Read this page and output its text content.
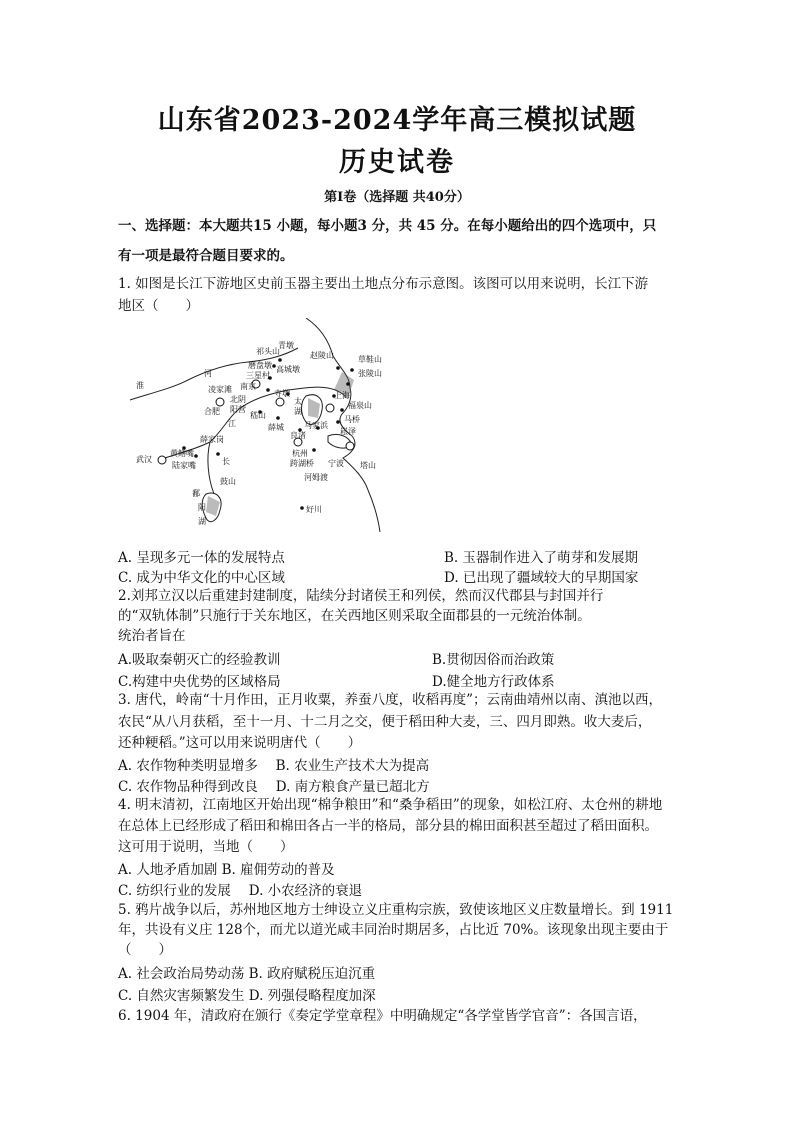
山东省2023-2024学年高三模拟试题
历史试卷
第Ⅰ卷（选择题 共40分）
一、选择题：本大题共15 小题，每小题3 分，共 45 分。在每小题给出的四个选项中，只
有一项是最符合题目要求的。
1. 如图是长江下游地区史前玉器主要出土地点分布示意图。该图可以用来说明，长江下游
地区（　　）
淮
河
江
祁头山
青墩
赵陵山	草鞋山
张陵山
磨盘墩 高城墩
三星村
南京
寺墩	上海
凌家滩
北阴
阳营
嵇山
福泉山
马桥
合肥
太
湖
薛城	马家浜
良渚	崧泽
杭州
跨湖桥 宁波 塔山
河姆渡
武汉
薛家岗
黄鳝嘴
陆家嘴	长
鼓山
鄱
阳
湖
好川
A. 呈现多元一体的发展特点	B. 玉器制作进入了萌芽和发展期
C. 成为中华文化的中心区域	D. 已出现了疆域较大的早期国家
2.刘邦立汉以后重建封建制度，陆续分封诸侯王和列侯，然而汉代郡县与封国并行
的“双轨体制”只施行于关东地区，在关西地区则采取全面郡县的一元统治体制。
统治者旨在
A.吸取秦朝灭亡的经验教训	B.贯彻因俗而治政策
C.构建中央优势的区域格局	D.健全地方行政体系
3. 唐代，岭南“十月作田，正月收粟，养蚕八度，收稻再度”；云南曲靖州以南、滇池以西，
农民“从八月获稻，至十一月、十二月之交，便于稻田种大麦，三、四月即熟。收大麦后，
还种粳稻。”这可以用来说明唐代（　　）
A. 农作物种类明显增多　 B. 农业生产技术大为提高
C. 农作物品种得到改良　 D. 南方粮食产量已超北方
4. 明末清初，江南地区开始出现“棉争粮田”和“桑争稻田”的现象，如松江府、太仓州的耕地
在总体上已经形成了稻田和棉田各占一半的格局，部分县的棉田面积甚至超过了稻田面积。
这可用于说明，当地（　　）
A. 人地矛盾加剧 B. 雇佣劳动的普及
C. 纺织行业的发展　 D. 小农经济的衰退
5. 鸦片战争以后，苏州地区地方士绅设立义庄重构宗族，致使该地区义庄数量增长。到 1911
年，共设有义庄 128个，而尤以道光咸丰同治时期居多，占比近 70%。该现象出现主要由于
（　　）
A. 社会政治局势动荡 B. 政府赋税压迫沉重
C. 自然灾害频繁发生 D. 列强侵略程度加深
6. 1904 年，清政府在颁行《奏定学堂章程》中明确规定“各学堂皆学官音”：各国言语，
